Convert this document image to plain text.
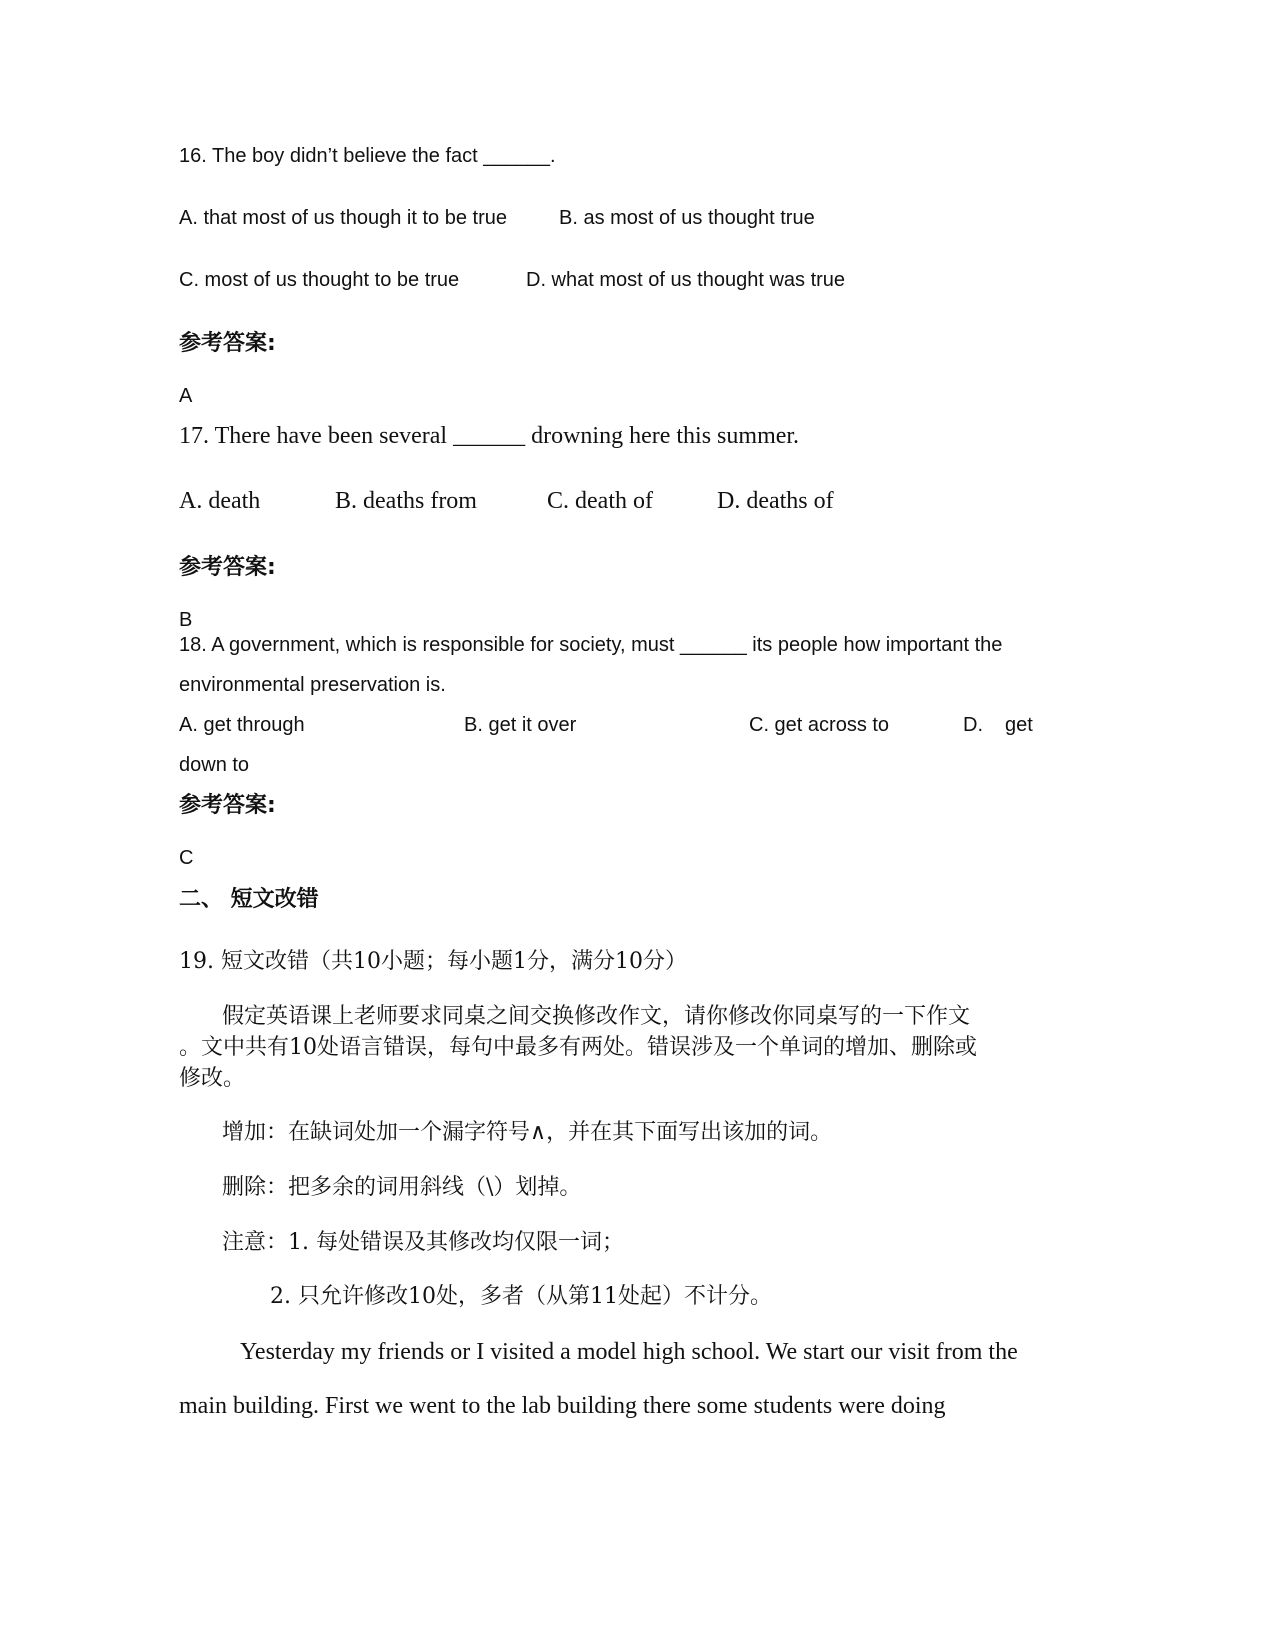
16. The boy didn’t believe the fact ______.
A. that most of us though it to be true	B. as most of us thought true
C. most of us thought to be true	D. what most of us thought was true
参考答案:
A
17. There have been several ______ drowning here this summer.
A. death	B. deaths from	C. death of	D. deaths of
参考答案:
B
18. A government, which is responsible for society, must ______ its people how important the
environmental preservation is.
A. get through	B. get it over	C. get across to	D. get
down to
参考答案:
C
二、 短文改错
19. 短文改错（共10小题；每小题1分，满分10分）
假定英语课上老师要求同桌之间交换修改作文，请你修改你同桌写的一下作文
。文中共有10处语言错误，每句中最多有两处。错误涉及一个单词的增加、删除或
修改。
增加：在缺词处加一个漏字符号∧，并在其下面写出该加的词。
删除：把多余的词用斜线（\）划掉。
注意：1. 每处错误及其修改均仅限一词；
2. 只允许修改10处，多者（从第11处起）不计分。
Yesterday my friends or I visited a model high school. We start our visit from the
main building. First we went to the lab building there some students were doing
